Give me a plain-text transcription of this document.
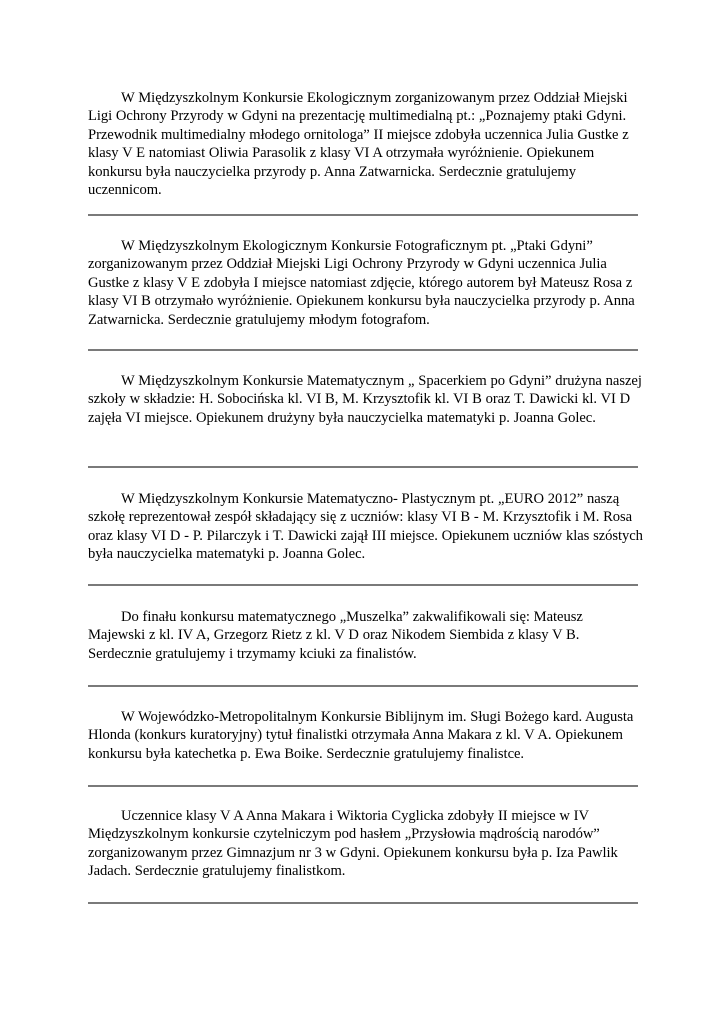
W Międzyszkolnym Konkursie Ekologicznym zorganizowanym przez Oddział Miejski Ligi Ochrony Przyrody w Gdyni na prezentację multimedialną pt.: „Poznajemy ptaki Gdyni. Przewodnik multimedialny młodego ornitologa” II miejsce zdobyła uczennica Julia Gustke z klasy V E natomiast Oliwia Parasolik z klasy VI A otrzymała wyróżnienie. Opiekunem konkursu była nauczycielka przyrody p. Anna Zatwarnicka. Serdecznie gratulujemy uczennicom.

W Międzyszkolnym Ekologicznym Konkursie Fotograficznym pt. „Ptaki Gdyni” zorganizowanym przez Oddział Miejski Ligi Ochrony Przyrody w Gdyni uczennica Julia Gustke z klasy V E zdobyła I miejsce natomiast zdjęcie, którego autorem był Mateusz Rosa z klasy VI B otrzymało wyróżnienie. Opiekunem konkursu była nauczycielka przyrody p. Anna Zatwarnicka. Serdecznie gratulujemy młodym fotografom.

W Międzyszkolnym Konkursie Matematycznym „ Spacerkiem po Gdyni” drużyna naszej szkoły w składzie: H. Sobocińska kl. VI B, M. Krzysztofik kl. VI B oraz T. Dawicki kl. VI D zajęła VI miejsce. Opiekunem drużyny była nauczycielka matematyki p. Joanna Golec.

W Międzyszkolnym Konkursie Matematyczno- Plastycznym pt. „EURO 2012” naszą szkołę reprezentował zespół składający się z uczniów: klasy VI B - M. Krzysztofik i M. Rosa oraz klasy VI D - P. Pilarczyk i T. Dawicki zajął III miejsce. Opiekunem uczniów klas szóstych była nauczycielka matematyki p. Joanna Golec.

Do finału konkursu matematycznego „Muszelka” zakwalifikowali się: Mateusz Majewski z kl. IV A, Grzegorz Rietz z kl. V D oraz Nikodem Siembida z klasy V B. Serdecznie gratulujemy i trzymamy kciuki za finalistów.

W Wojewódzko-Metropolitalnym Konkursie Biblijnym im. Sługi Bożego kard. Augusta Hlonda (konkurs kuratoryjny) tytuł finalistki otrzymała Anna Makara z kl. V A. Opiekunem konkursu była katechetka p. Ewa Boike. Serdecznie gratulujemy finalistce.

Uczennice klasy V A Anna Makara i Wiktoria Cyglicka zdobyły II miejsce w IV Międzyszkolnym konkursie czytelniczym pod hasłem „Przysłowia mądrością narodów” zorganizowanym przez Gimnazjum nr 3 w Gdyni. Opiekunem konkursu była p. Iza Pawlik Jadach. Serdecznie gratulujemy finalistkom.
